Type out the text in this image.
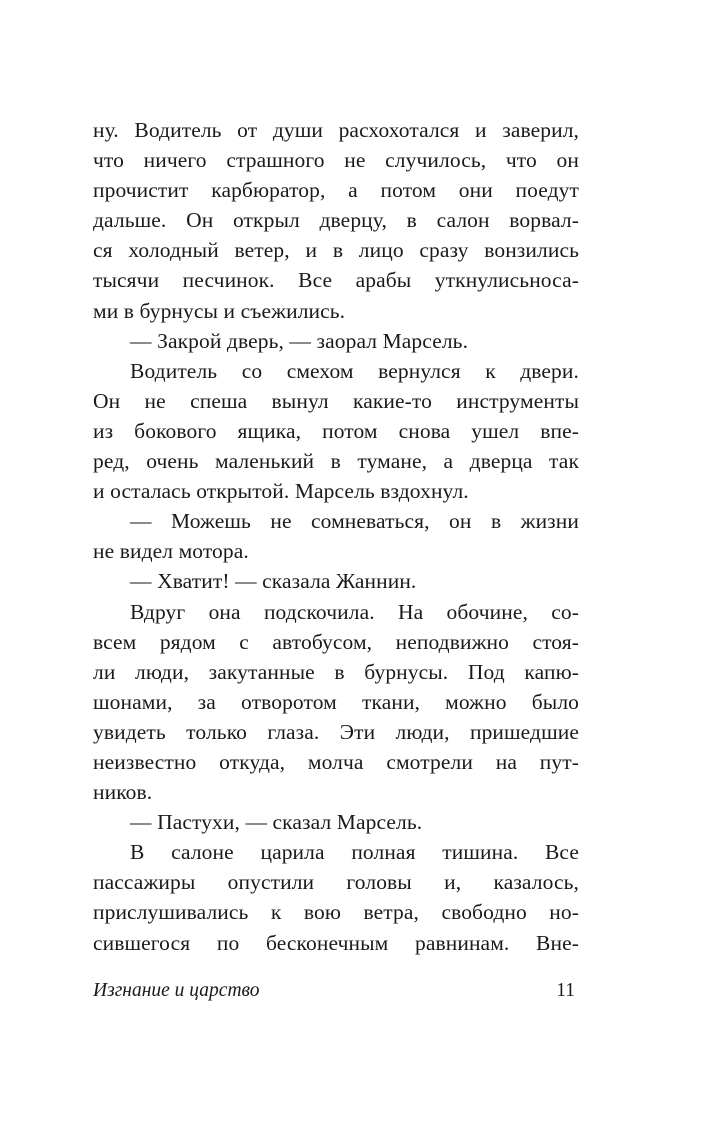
ну. Водитель от души расхохотался и заверил,
что ничего страшного не случилось, что он
прочистит карбюратор, а потом они поедут
дальше. Он открыл дверцу, в салон ворвал-
ся холодный ветер, и в лицо сразу вонзились
тысячи песчинок. Все арабы уткнулисьноса-
ми в бурнусы и съежились.
— Закрой дверь, — заорал Марсель.
Водитель со смехом вернулся к двери.
Он не спеша вынул какие-то инструменты
из бокового ящика, потом снова ушел впе-
ред, очень маленький в тумане, а дверца так
и осталась открытой. Марсель вздохнул.
— Можешь не сомневаться, он в жизни
не видел мотора.
— Хватит! — сказала Жаннин.
Вдруг она подскочила. На обочине, со-
всем рядом с автобусом, неподвижно стоя-
ли люди, закутанные в бурнусы. Под капю-
шонами, за отворотом ткани, можно было
увидеть только глаза. Эти люди, пришедшие
неизвестно откуда, молча смотрели на пут-
ников.
— Пастухи, — сказал Марсель.
В салоне царила полная тишина. Все
пассажиры опустили головы и, казалось,
прислушивались к вою ветра, свободно но-
сившегося по бесконечным равнинам. Вне-
Изгнание и царство	11
